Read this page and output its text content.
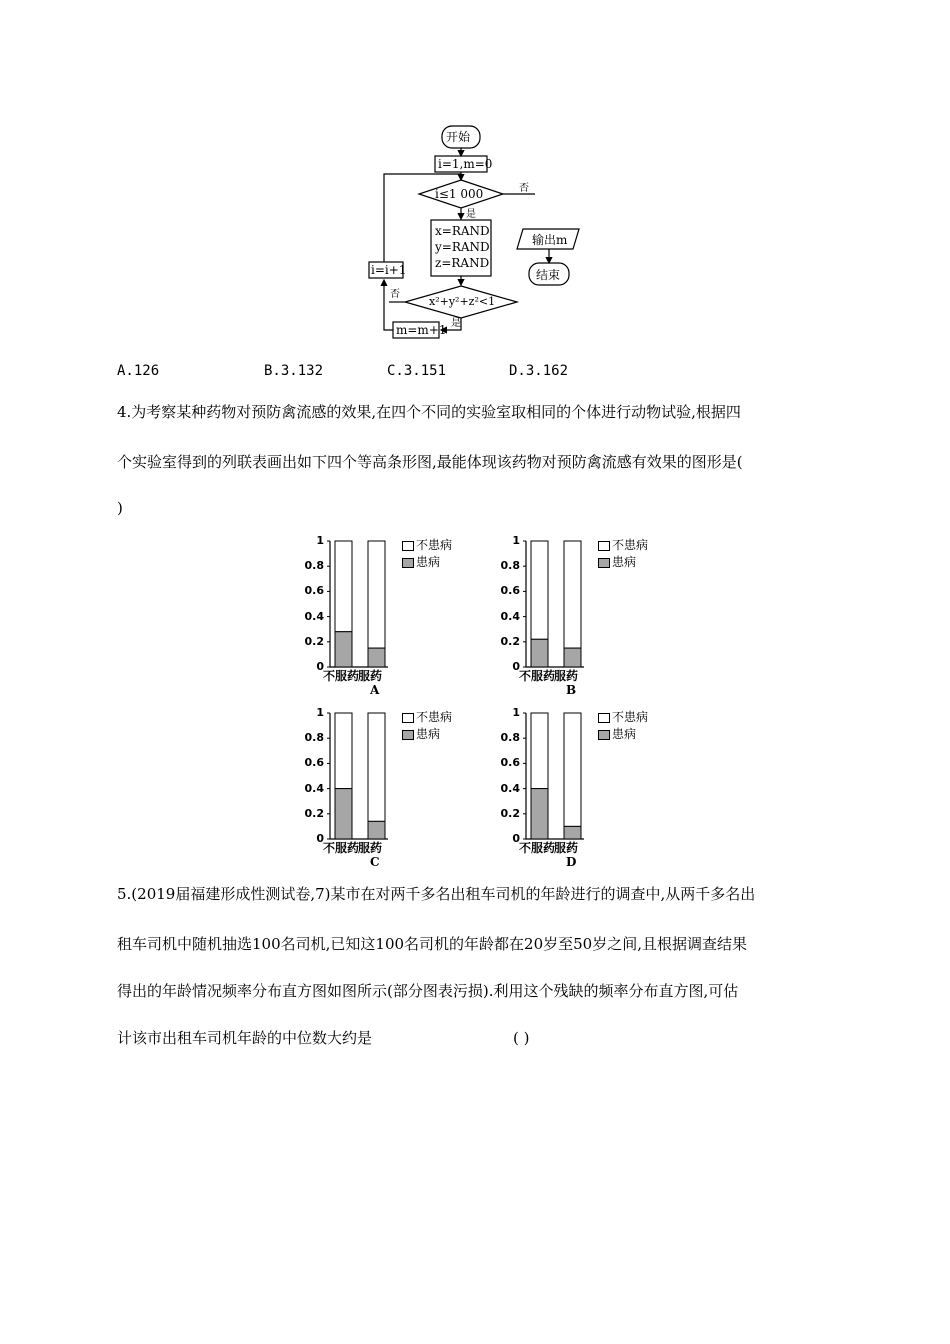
开始
i=1,m=0
i≤1 000	否
是
x=RAND
y=RAND
z=RAND
否
x²+y²+z²<1
是
m=m+1
i=i+1
输出m
结束
A.126	B.3.132	C.3.151	D.3.162
4.为考察某种药物对预防禽流感的效果,在四个不同的实验室取相同的个体进行动物试验,根据四
个实验室得到的列联表画出如下四个等高条形图,最能体现该药物对预防禽流感有效果的图形是(
)
0
0.2
0.4
0.6
0.8
1
不服药
服药
A
不患病
患病
0
0.2
0.4
0.6
0.8
1
不服药
服药
B
不患病
患病
0
0.2
0.4
0.6
0.8
1
不服药
服药
C
不患病
患病
0
0.2
0.4
0.6
0.8
1
不服药
服药
D
不患病
患病
5.(2019届福建形成性测试卷,7)某市在对两千多名出租车司机的年龄进行的调查中,从两千多名出
租车司机中随机抽选100名司机,已知这100名司机的年龄都在20岁至50岁之间,且根据调查结果
得出的年龄情况频率分布直方图如图所示(部分图表污损).利用这个残缺的频率分布直方图,可估
计该市出租车司机年龄的中位数大约是	( )
